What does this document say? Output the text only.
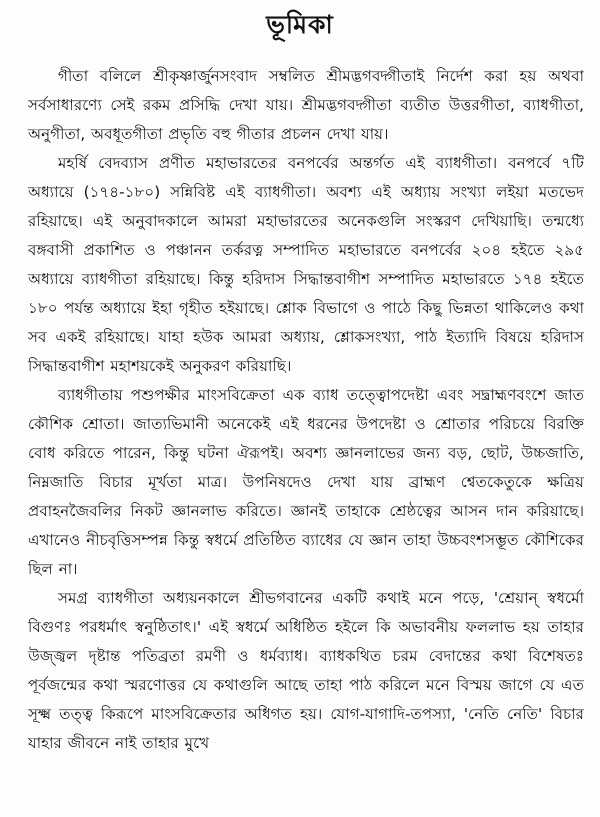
ভূমিকা

গীতা বলিলে শ্রীকৃষ্ণার্জুনসংবাদ সম্বলিত শ্রীমদ্ভগবদ্গীতাই নির্দেশ করা হয় অথবা সর্বসাধারণ্যে সেই রকম প্রসিদ্ধি দেখা যায়। শ্রীমদ্ভগবদ্গীতা ব্যতীত উত্তরগীতা, ব্যাধগীতা, অনুগীতা, অবধূতগীতা প্রভৃতি বহু গীতার প্রচলন দেখা যায়।

মহর্ষি বেদব্যাস প্রণীত মহাভারতের বনপর্বের অন্তর্গত এই ব্যাধগীতা। বনপর্বে ৭টি অধ্যায়ে (১৭৪-১৮০) সন্নিবিষ্ট এই ব্যাধগীতা। অবশ্য এই অধ্যায় সংখ্যা লইয়া মতভেদ রহিয়াছে। এই অনুবাদকালে আমরা মহাভারতের অনেকগুলি সংস্করণ দেখিয়াছি। তন্মধ্যে বঙ্গবাসী প্রকাশিত ও পঞ্চানন তর্করত্ন সম্পাদিত মহাভারতে বনপর্বের ২০৪ হইতে ২৯৫ অধ্যায়ে ব্যাধগীতা রহিয়াছে। কিন্তু হরিদাস সিদ্ধান্তবাগীশ সম্পাদিত মহাভারতে ১৭৪ হইতে ১৮০ পর্যন্ত অধ্যায়ে ইহা গৃহীত হইয়াছে। শ্লোক বিভাগে ও পাঠে কিছু ভিন্নতা থাকিলেও কথা সব একই রহিয়াছে। যাহা হউক আমরা অধ্যায়, শ্লোকসংখ্যা, পাঠ ইত্যাদি বিষয়ে হরিদাস সিদ্ধান্তবাগীশ মহাশয়কেই অনুকরণ করিয়াছি।

ব্যাধগীতায় পশুপক্ষীর মাংসবিক্রেতা এক ব্যাধ তত্ত্বোপদেষ্টা এবং সদ্ব্রাহ্মণবংশে জাত কৌশিক শ্রোতা। জাত্যভিমানী অনেকেই এই ধরনের উপদেষ্টা ও শ্রোতার পরিচয়ে বিরক্তি বোধ করিতে পারেন, কিন্তু ঘটনা ঐরূপই। অবশ্য জ্ঞানলাভের জন্য বড়, ছোট, উচ্চজাতি, নিম্নজাতি বিচার মূর্খতা মাত্র। উপনিষদেও দেখা যায় ব্রাহ্মণ শ্বেতকেতুকে ক্ষত্রিয় প্রবাহনজৈবলির নিকট জ্ঞানলাভ করিতে। জ্ঞানই তাহাকে শ্রেষ্ঠত্বের আসন দান করিয়াছে। এখানেও নীচবৃত্তিসম্পন্ন কিন্তু স্বধর্মে প্রতিষ্ঠিত ব্যাধের যে জ্ঞান তাহা উচ্চবংশসম্ভূত কৌশিকের ছিল না।

সমগ্র ব্যাধগীতা অধ্যয়নকালে শ্রীভগবানের একটি কথাই মনে পড়ে, 'শ্রেয়ান্ স্বধর্মো বিগুণঃ পরধর্মাৎ স্বনুষ্ঠিতাৎ।' এই স্বধর্মে অধিষ্ঠিত হইলে কি অভাবনীয় ফললাভ হয় তাহার উজ্জ্বল দৃষ্টান্ত পতিব্রতা রমণী ও ধর্মব্যাধ। ব্যাধকথিত চরম বেদান্তের কথা বিশেষতঃ পূর্বজন্মের কথা স্মরণোত্তর যে কথাগুলি আছে তাহা পাঠ করিলে মনে বিস্ময় জাগে যে এত সূক্ষ্ম তত্ত্ব কিরূপে মাংসবিক্রেতার অধিগত হয়। যোগ-যাগাদি-তপস্যা, 'নেতি নেতি' বিচার যাহার জীবনে নাই তাহার মুখে
